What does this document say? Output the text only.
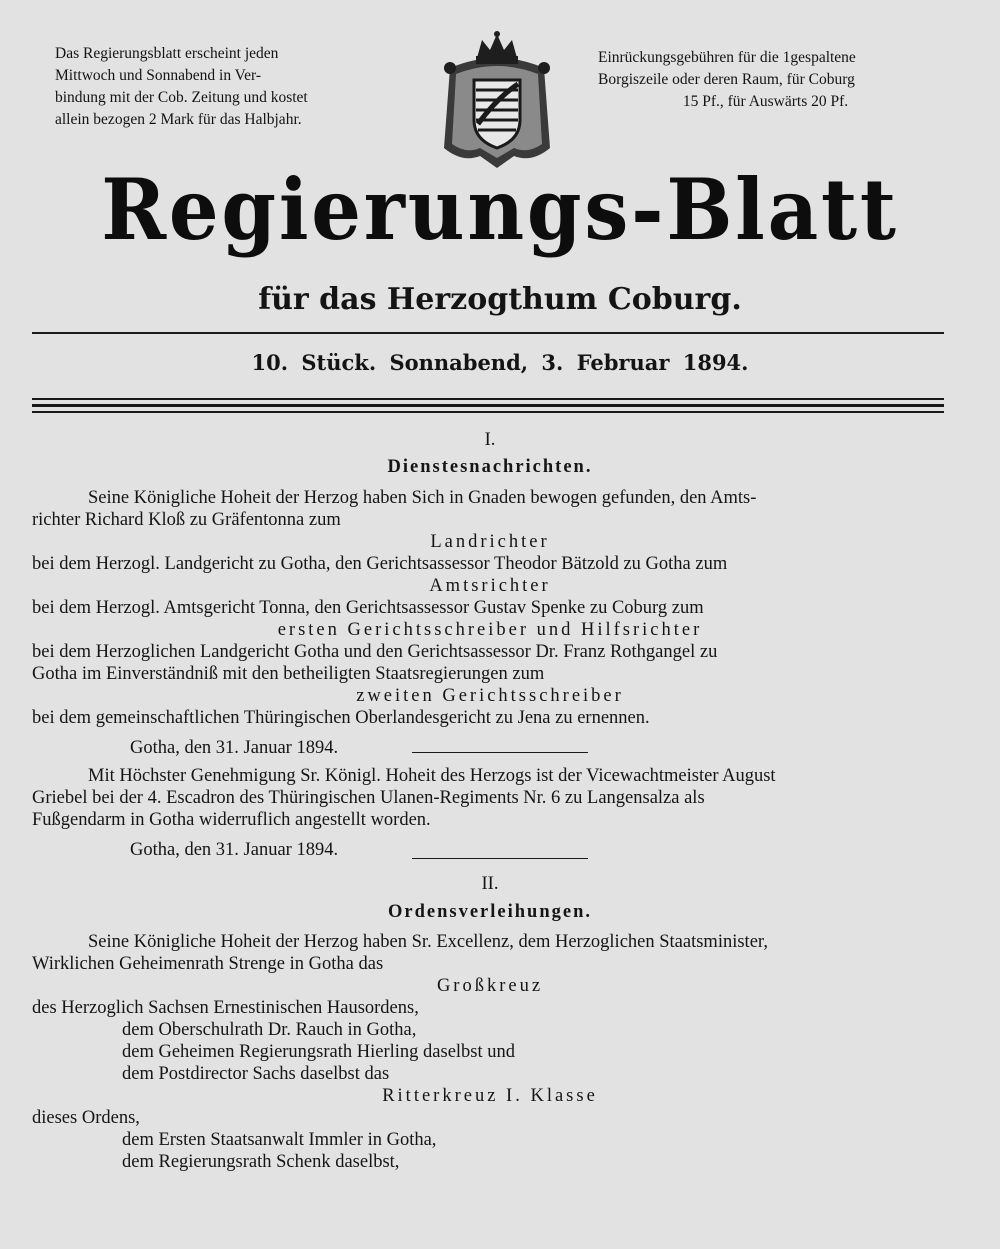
Das Regierungsblatt erscheint jeden
Mittwoch und Sonnabend in Ver-
bindung mit der Cob. Zeitung und kostet
allein bezogen 2 Mark für das Halbjahr.
Einrückungsgebühren für die 1gespaltene
Borgiszeile oder deren Raum, für Coburg
15 Pf., für Auswärts 20 Pf.
Regierungs-Blatt
für das Herzogthum Coburg.
10. Stück. Sonnabend, 3. Februar 1894.
I.
Dienstesnachrichten.
Seine Königliche Hoheit der Herzog haben Sich in Gnaden bewogen gefunden, den Amts-
richter Richard Kloß zu Gräfentonna zum
Landrichter
bei dem Herzogl. Landgericht zu Gotha, den Gerichtsassessor Theodor Bätzold zu Gotha zum
Amtsrichter
bei dem Herzogl. Amtsgericht Tonna, den Gerichtsassessor Gustav Spenke zu Coburg zum
ersten Gerichtsschreiber und Hilfsrichter
bei dem Herzoglichen Landgericht Gotha und den Gerichtsassessor Dr. Franz Rothgangel zu
Gotha im Einverständniß mit den betheiligten Staatsregierungen zum
zweiten Gerichtsschreiber
bei dem gemeinschaftlichen Thüringischen Oberlandesgericht zu Jena zu ernennen.
Gotha, den 31. Januar 1894.
Mit Höchster Genehmigung Sr. Königl. Hoheit des Herzogs ist der Vicewachtmeister August
Griebel bei der 4. Escadron des Thüringischen Ulanen-Regiments Nr. 6 zu Langensalza als
Fußgendarm in Gotha widerruflich angestellt worden.
Gotha, den 31. Januar 1894.
II.
Ordensverleihungen.
Seine Königliche Hoheit der Herzog haben Sr. Excellenz, dem Herzoglichen Staatsminister,
Wirklichen Geheimenrath Strenge in Gotha das
Großkreuz
des Herzoglich Sachsen Ernestinischen Hausordens,
dem Oberschulrath Dr. Rauch in Gotha,
dem Geheimen Regierungsrath Hierling daselbst und
dem Postdirector Sachs daselbst das
Ritterkreuz I. Klasse
dieses Ordens,
dem Ersten Staatsanwalt Immler in Gotha,
dem Regierungsrath Schenk daselbst,
